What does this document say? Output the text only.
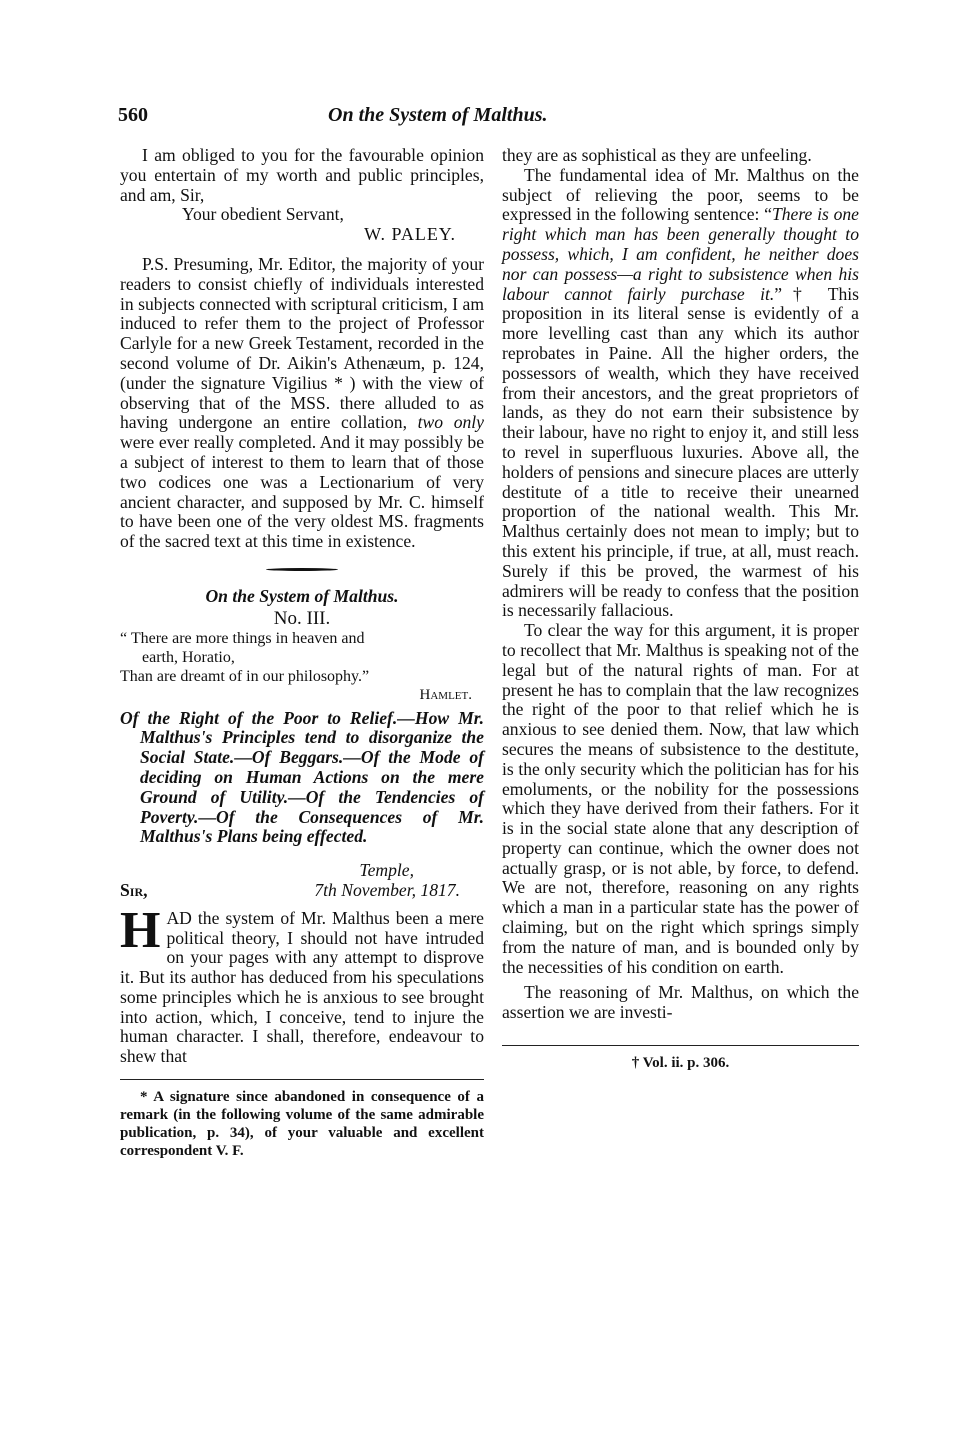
560	On the System of Malthus.

I am obliged to you for the favourable opinion you entertain of my worth and public principles, and am, Sir,

Your obedient Servant,

W. PALEY.

P.S. Presuming, Mr. Editor, the majority of your readers to consist chiefly of individuals interested in subjects connected with scriptural criticism, I am induced to refer them to the project of Professor Carlyle for a new Greek Testament, recorded in the second volume of Dr. Aikin's Athenæum, p. 124, (under the signature Vigilius * ) with the view of observing that of the MSS. there alluded to as having undergone an entire collation, two only were ever really completed. And it may possibly be a subject of interest to them to learn that of those two codices one was a Lectionarium of very ancient character, and supposed by Mr. C. himself to have been one of the very oldest MS. fragments of the sacred text at this time in existence.

On the System of Malthus.

No. III.

“ There are more things in heaven and

earth, Horatio,

Than are dreamt of in our philosophy.”

Hamlet.

Of the Right of the Poor to Relief.—How Mr. Malthus's Principles tend to disorganize the Social State.—Of Beggars.—Of the Mode of deciding on Human Actions on the mere Ground of Utility.—Of the Tendencies of Poverty.—Of the Consequences of Mr. Malthus's Plans being effected.

Temple,

Sir,	7th November, 1817.

HAD the system of Mr. Malthus been a mere political theory, I should not have intruded on your pages with any attempt to disprove it. But its author has deduced from his speculations some principles which he is anxious to see brought into action, which, I conceive, tend to injure the human character. I shall, therefore, endeavour to shew that

* A signature since abandoned in consequence of a remark (in the following volume of the same admirable publication, p. 34), of your valuable and excellent correspondent V. F.

they are as sophistical as they are unfeeling.

The fundamental idea of Mr. Malthus on the subject of relieving the poor, seems to be expressed in the following sentence: “There is one right which man has been generally thought to possess, which, I am confident, he neither does nor can possess—a right to subsistence when his labour cannot fairly purchase it.”† This proposition in its literal sense is evidently of a more levelling cast than any which its author reprobates in Paine. All the higher orders, the possessors of wealth, which they have received from their ancestors, and the great proprietors of lands, as they do not earn their subsistence by their labour, have no right to enjoy it, and still less to revel in superfluous luxuries. Above all, the holders of pensions and sinecure places are utterly destitute of a title to receive their unearned proportion of the national wealth. This Mr. Malthus certainly does not mean to imply; but to this extent his principle, if true, at all, must reach. Surely if this be proved, the warmest of his admirers will be ready to confess that the position is necessarily fallacious.

To clear the way for this argument, it is proper to recollect that Mr. Malthus is speaking not of the legal but of the natural rights of man. For at present he has to complain that the law recognizes the right of the poor to that relief which he is anxious to see denied them. Now, that law which secures the means of subsistence to the destitute, is the only security which the politician has for his emoluments, or the nobility for the possessions which they have derived from their fathers. For it is in the social state alone that any description of property can continue, which the owner does not actually grasp, or is not able, by force, to defend. We are not, therefore, reasoning on any rights which a man in a particular state has the power of claiming, but on the right which springs simply from the nature of man, and is bounded only by the necessities of his condition on earth.

The reasoning of Mr. Malthus, on which the assertion we are investi-

† Vol. ii. p. 306.
